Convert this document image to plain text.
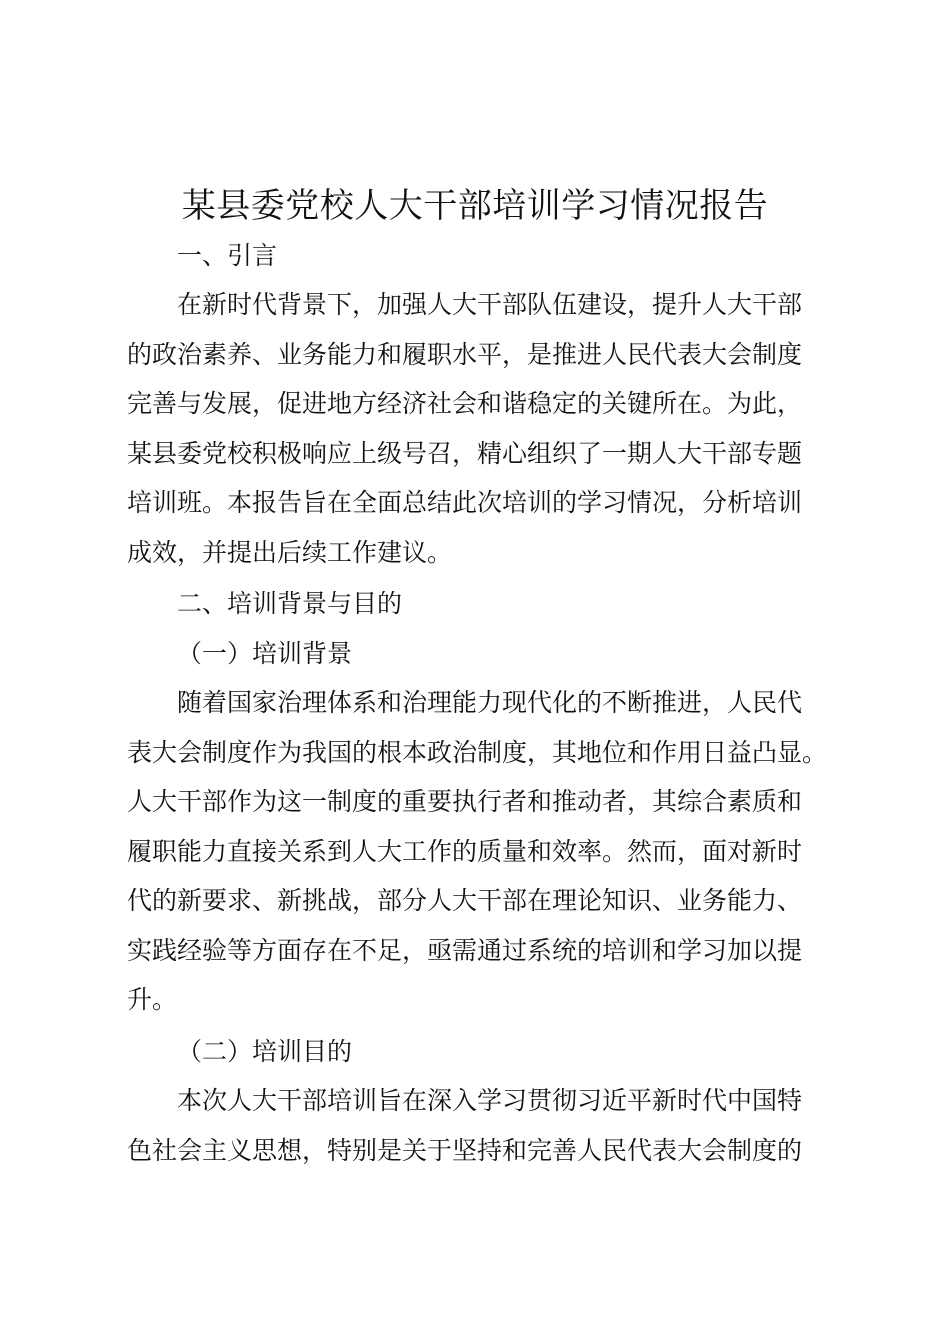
某县委党校人大干部培训学习情况报告
一、引言
在新时代背景下，加强人大干部队伍建设，提升人大干部
的政治素养、业务能力和履职水平，是推进人民代表大会制度
完善与发展，促进地方经济社会和谐稳定的关键所在。为此，
某县委党校积极响应上级号召，精心组织了一期人大干部专题
培训班。本报告旨在全面总结此次培训的学习情况，分析培训
成效，并提出后续工作建议。
二、培训背景与目的
（一）培训背景
随着国家治理体系和治理能力现代化的不断推进，人民代
表大会制度作为我国的根本政治制度，其地位和作用日益凸显。
人大干部作为这一制度的重要执行者和推动者，其综合素质和
履职能力直接关系到人大工作的质量和效率。然而，面对新时
代的新要求、新挑战，部分人大干部在理论知识、业务能力、
实践经验等方面存在不足，亟需通过系统的培训和学习加以提
升。
（二）培训目的
本次人大干部培训旨在深入学习贯彻习近平新时代中国特
色社会主义思想，特别是关于坚持和完善人民代表大会制度的
